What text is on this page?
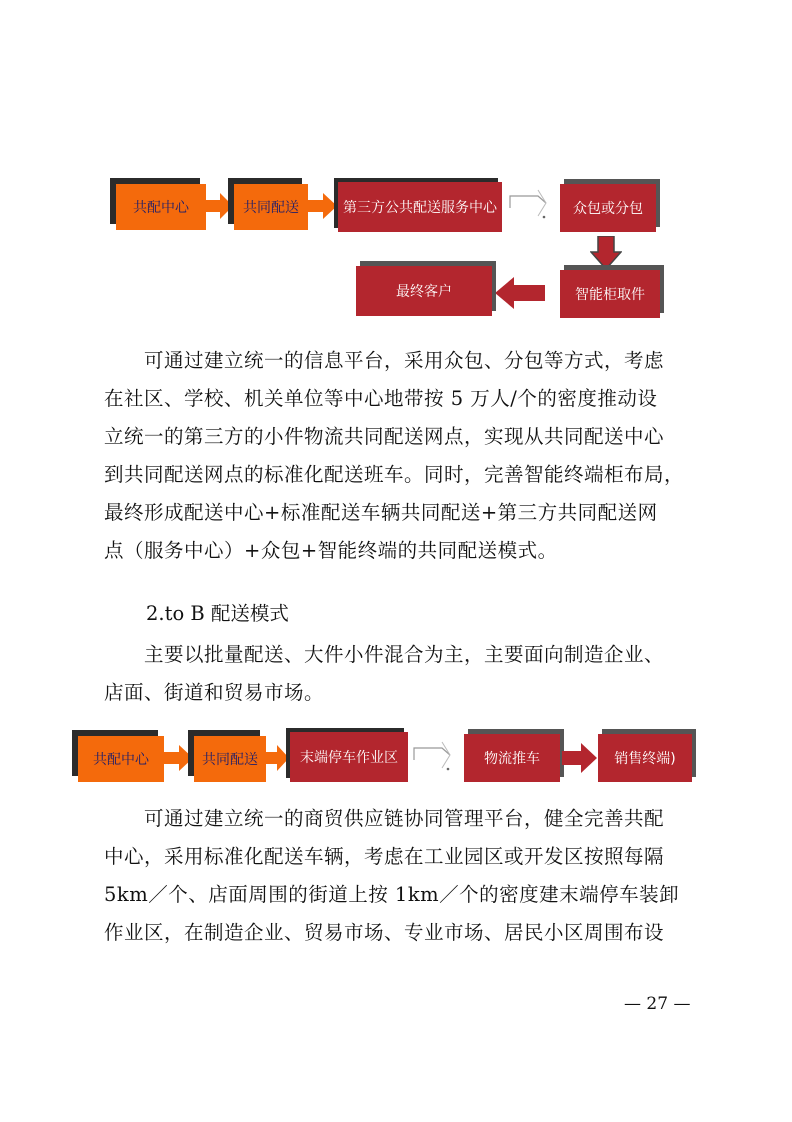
共配中心	共同配送	第三方公共配送服务中心	众包或分包
智能柜取件
最终客户
可通过建立统一的信息平台，采用众包、分包等方式，考虑
在社区、学校、机关单位等中心地带按 5 万人/个的密度推动设
立统一的第三方的小件物流共同配送网点，实现从共同配送中心
到共同配送网点的标准化配送班车。同时，完善智能终端柜布局，
最终形成配送中心+标准配送车辆共同配送+第三方共同配送网
点（服务中心）+众包+智能终端的共同配送模式。
2.to B 配送模式
主要以批量配送、大件小件混合为主，主要面向制造企业、
店面、街道和贸易市场。
共配中心	共同配送	末端停车作业区	物流推车	销售终端)
可通过建立统一的商贸供应链协同管理平台，健全完善共配
中心，采用标准化配送车辆，考虑在工业园区或开发区按照每隔
5km／个、店面周围的街道上按 1km／个的密度建末端停车装卸
作业区，在制造企业、贸易市场、专业市场、居民小区周围布设
— 27 —
